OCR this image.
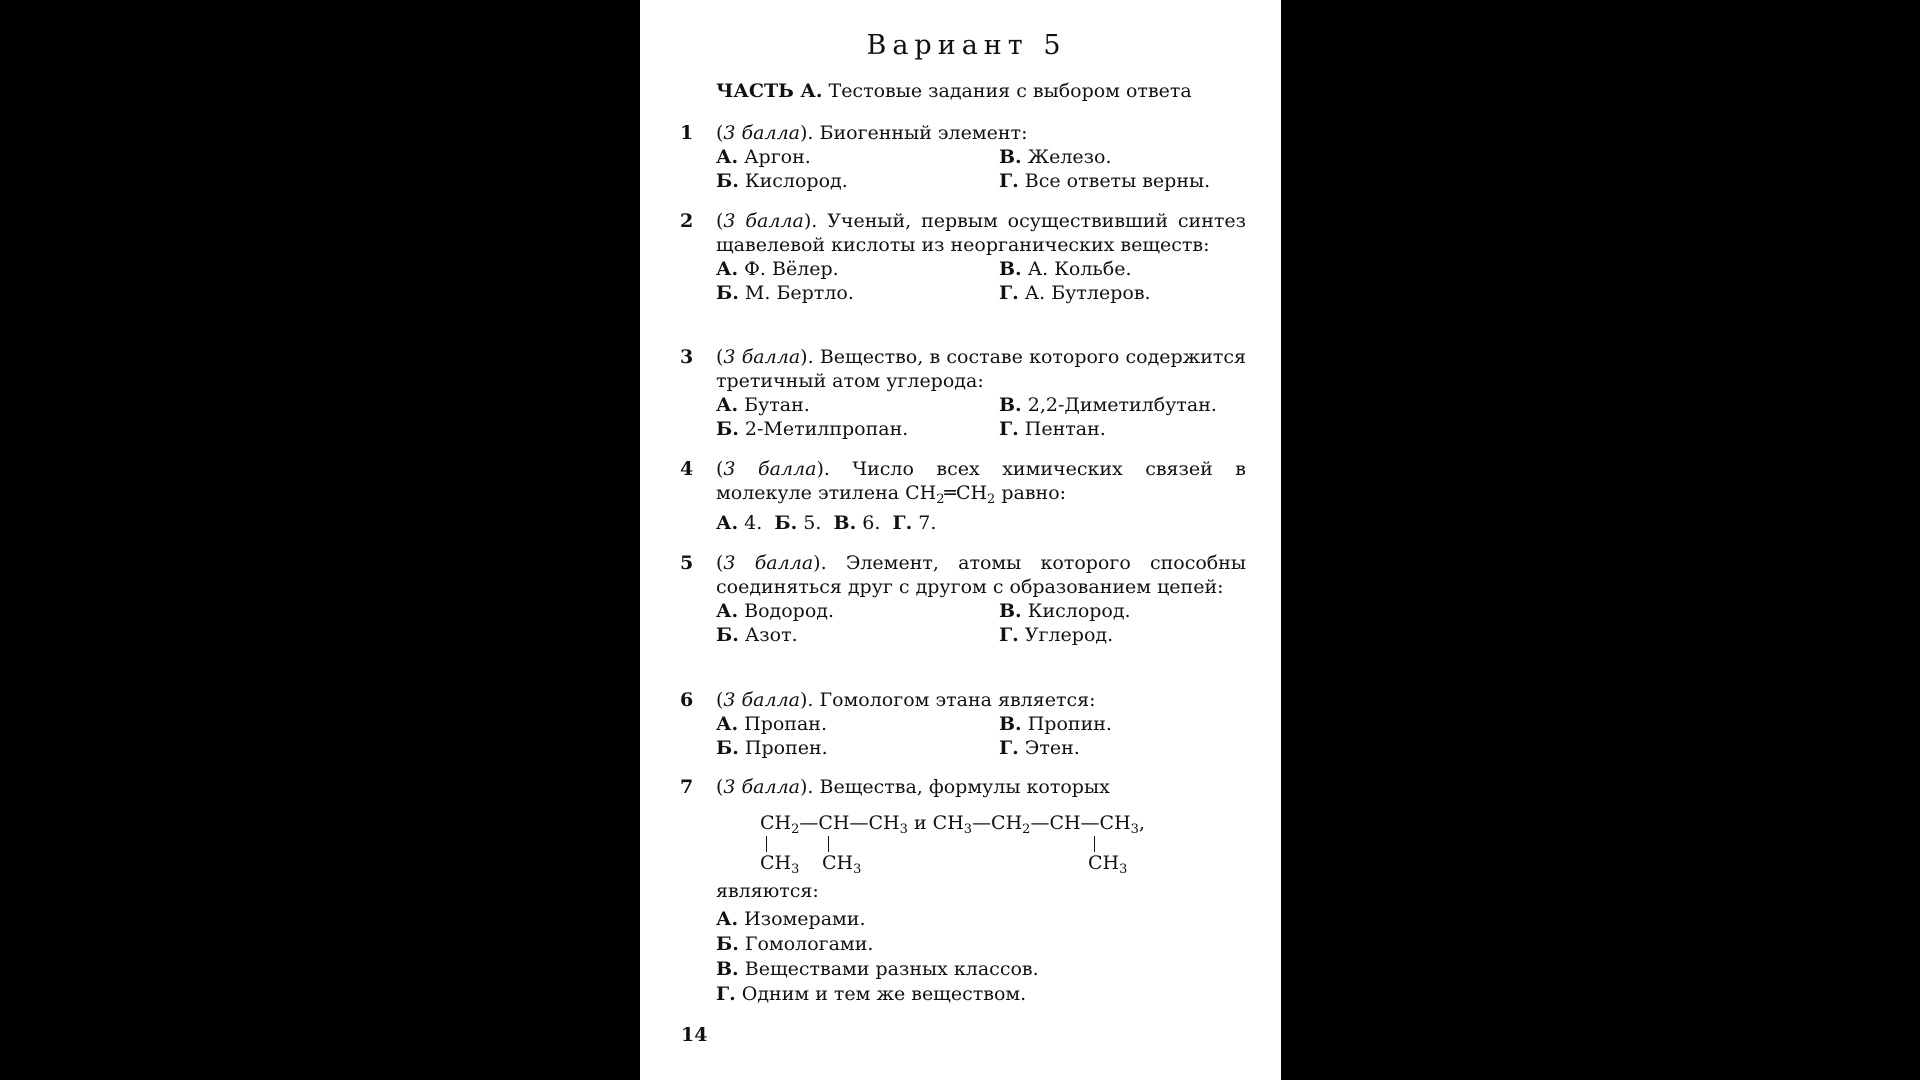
Вариант 5
ЧАСТЬ А. Тестовые задания с выбором ответа
1	(3 балла). Биогенный элемент:
А. Аргон.
Б. Кислород.
В. Железо.
Г. Все ответы верны.
2	(3 балла). Ученый, первым осуществивший синтез щавелевой кислоты из неорганических веществ:
А. Ф. Вёлер.
Б. М. Бертло.
В. А. Кольбе.
Г. А. Бутлеров.
3	(3 балла). Вещество, в составе которого содержится третичный атом углерода:
А. Бутан.
Б. 2-Метилпропан.
В. 2,2-Диметилбутан.
Г. Пентан.
4	(3 балла). Число всех химических связей в молекуле этилена $CH_2═CH_2$ равно:
А. 4. Б. 5. В. 6. Г. 7.
5	(3 балла). Элемент, атомы которого способны соединяться друг с другом с образованием цепей:
А. Водород.
Б. Азот.
В. Кислород.
Г. Углерод.
6	(3 балла). Гомологом этана является:
А. Пропан.
Б. Пропен.
В. Пропин.
Г. Этен.
7	(3 балла). Вещества, формулы которых
$CH_2—CH—CH_3$ и $CH_3—CH_2—CH—CH_3$,
$CH_3$ $CH_3$	$CH_3$
являются:
А. Изомерами.
Б. Гомологами.
В. Веществами разных классов.
Г. Одним и тем же веществом.
14
